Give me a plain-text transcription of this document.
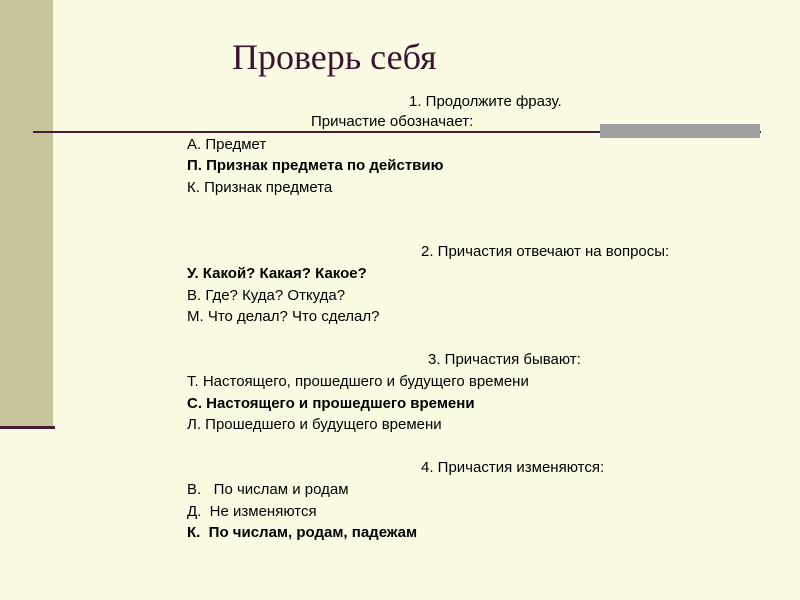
Проверь себя

1. Продолжите фразу.

Причастие обозначает:

А. Предмет

П. Признак предмета по действию

К. Признак предмета

2. Причастия отвечают на вопросы:

У. Какой? Какая? Какое?

В. Где? Куда? Откуда?

М. Что делал? Что сделал?

3. Причастия бывают:

Т. Настоящего, прошедшего и будущего времени

С. Настоящего и прошедшего времени

Л. Прошедшего и будущего времени

4. Причастия изменяются:

В.   По числам и родам

Д.  Не изменяются

К.  По числам, родам, падежам
